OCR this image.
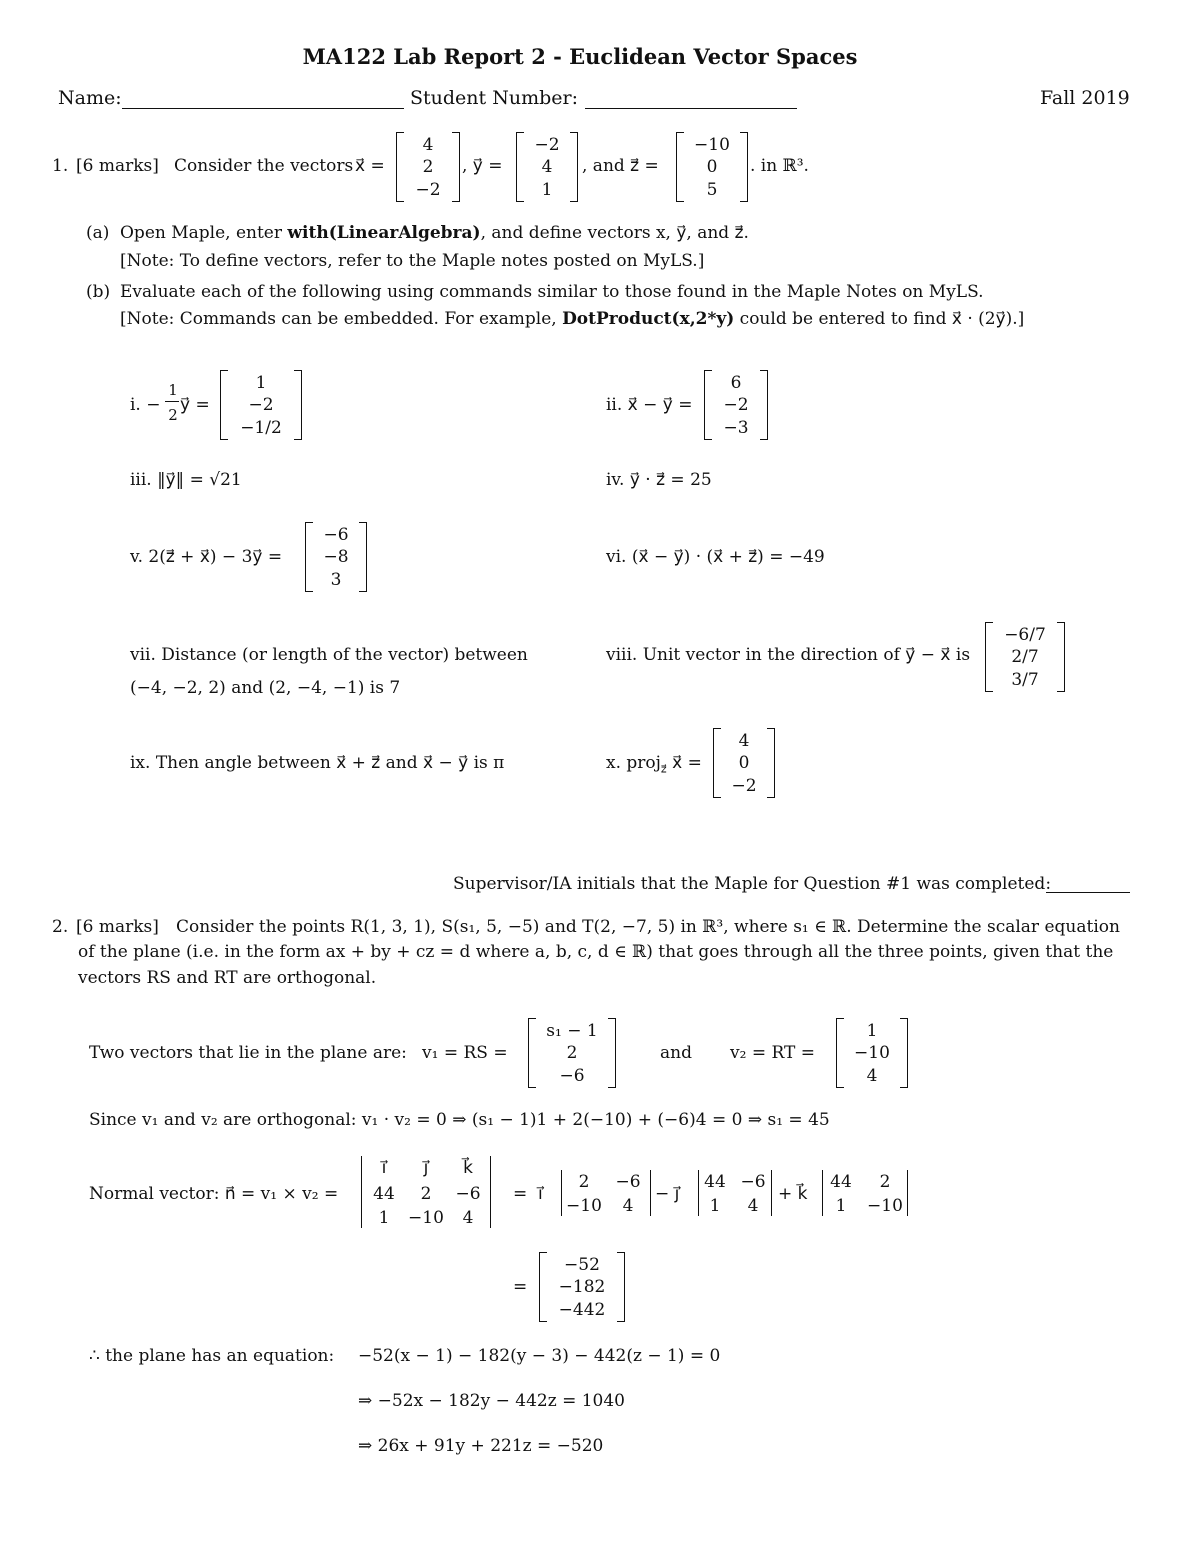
MA122 Lab Report 2 - Euclidean Vector Spaces
Name:	Student Number:	Fall 2019
1. [6 marks] Consider the vectors x⃗ =
4
2
−2
, y⃗ =
−2
4
1
, and z⃗ =
−10
0
5
. in ℝ³.
(a) Open Maple, enter with(LinearAlgebra), and define vectors x, y⃗, and z⃗.
[Note: To define vectors, refer to the Maple notes posted on MyLS.]
(b) Evaluate each of the following using commands similar to those found in the Maple Notes on MyLS.
[Note: Commands can be embedded. For example, DotProduct(x,2*y) could be entered to find x⃗ · (2y⃗).]
i. −
1
2 y⃗ =
1
−2
−1/2
ii. x⃗ − y⃗ =
6
−2
−3
iii. ‖y⃗‖ = √21	iv. y⃗ · z⃗ = 25
v. 2(z⃗ + x⃗) − 3y⃗ =
−6
−8
3
vi. (x⃗ − y⃗) · (x⃗ + z⃗) = −49
vii. Distance (or length of the vector) between
(−4, −2, 2) and (2, −4, −1) is 7
viii. Unit vector in the direction of y⃗ − x⃗ is
−6/7
2/7
3/7
ix. Then angle between x⃗ + z⃗ and x⃗ − y⃗ is π	x. proj$_{z⃗}$ x⃗ =
4
0
−2
Supervisor/IA initials that the Maple for Question #1 was completed:
2. [6 marks] Consider the points R(1, 3, 1), S(s₁, 5, −5) and T(2, −7, 5) in ℝ³, where s₁ ∈ ℝ. Determine the scalar equation
of the plane (i.e. in the form ax + by + cz = d where a, b, c, d ∈ ℝ) that goes through all the three points, given that the
vectors RS and RT are orthogonal.
Two vectors that lie in the plane are: v₁ = RS =
s₁ − 1
2
−6
and v₂ = RT =
1
−10
4
Since v₁ and v₂ are orthogonal: v₁ · v₂ = 0 ⇒ (s₁ − 1)1 + 2(−10) + (−6)4 = 0 ⇒ s₁ = 45
Normal vector: n⃗ = v₁ × v₂ =
i⃗	j⃗	k⃗
44	2	−6
1	−10	4
= i⃗
2	−6
−10	4
− j⃗
44 −6
1	4
+ k⃗
44	2
1	−10
=
−52
−182
−442
∴ the plane has an equation: −52(x − 1) − 182(y − 3) − 442(z − 1) = 0
⇒ −52x − 182y − 442z = 1040
⇒ 26x + 91y + 221z = −520
